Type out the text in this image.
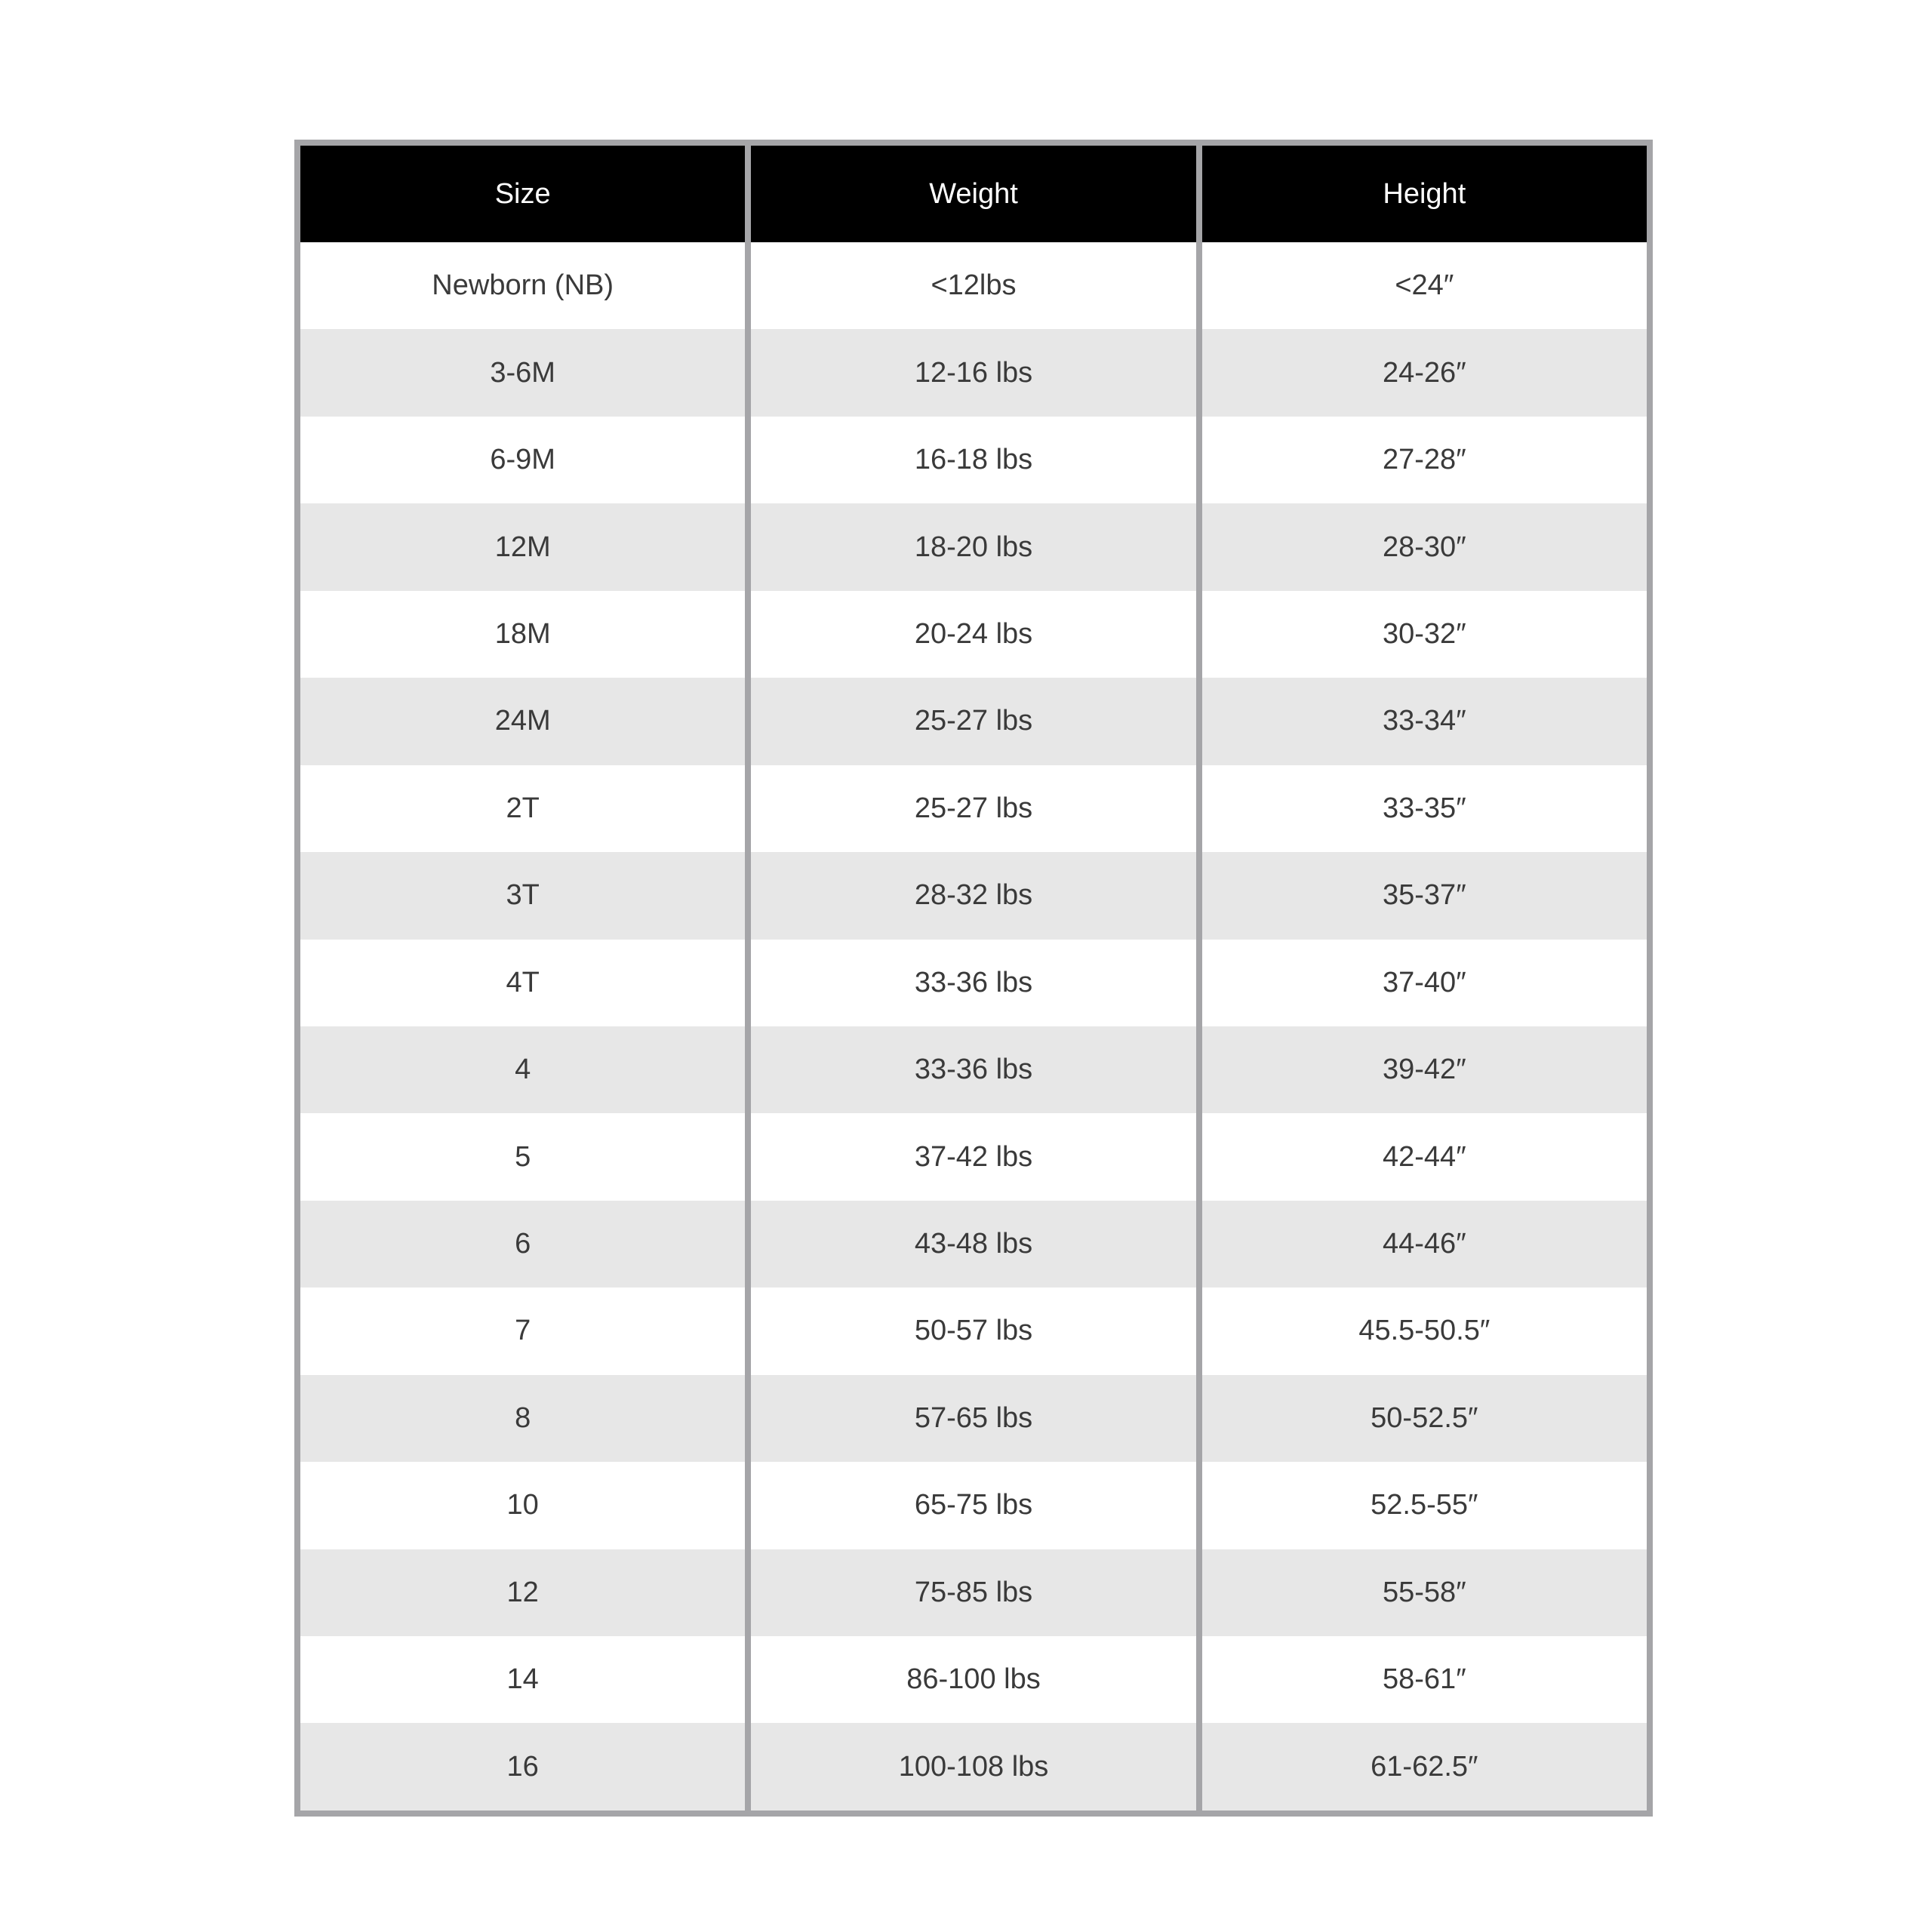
Size	Weight	Height
Newborn (NB)	<12lbs	<24″
3-6M	12-16 lbs	24-26″
6-9M	16-18 lbs	27-28″
12M	18-20 lbs	28-30″
18M	20-24 lbs	30-32″
24M	25-27 lbs	33-34″
2T	25-27 lbs	33-35″
3T	28-32 lbs	35-37″
4T	33-36 lbs	37-40″
4	33-36 lbs	39-42″
5	37-42 lbs	42-44″
6	43-48 lbs	44-46″
7	50-57 lbs	45.5-50.5″
8	57-65 lbs	50-52.5″
10	65-75 lbs	52.5-55″
12	75-85 lbs	55-58″
14	86-100 lbs	58-61″
16	100-108 lbs	61-62.5″
